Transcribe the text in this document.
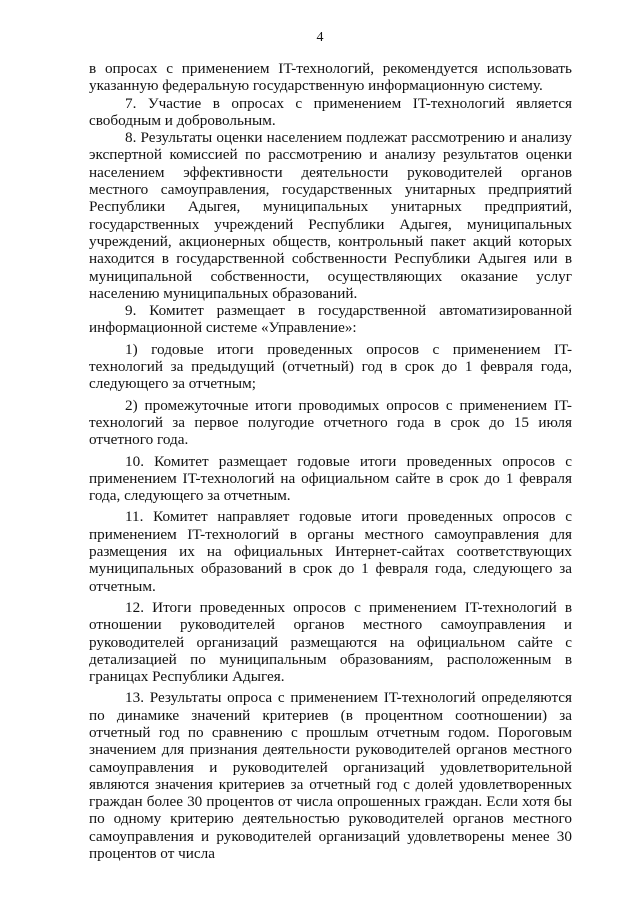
4

в опросах с применением IT-технологий, рекомендуется использовать указанную федеральную государственную информационную систему.

7. Участие в опросах с применением IT-технологий является свободным и добровольным.

8. Результаты оценки населением подлежат рассмотрению и анализу экспертной комиссией по рассмотрению и анализу результатов оценки населением эффективности деятельности руководителей органов местного самоуправления, государственных унитарных предприятий Республики Адыгея, муниципальных унитарных предприятий, государственных учреждений Республики Адыгея, муниципальных учреждений, акционерных обществ, контрольный пакет акций которых находится в государственной собственности Республики Адыгея или в муниципальной собственности, осуществляющих оказание услуг населению муниципальных образований.

9. Комитет размещает в государственной автоматизированной информационной системе «Управление»:

1) годовые итоги проведенных опросов с применением IT-технологий за предыдущий (отчетный) год в срок до 1 февраля года, следующего за отчетным;

2) промежуточные итоги проводимых опросов с применением IT-технологий за первое полугодие отчетного года в срок до 15 июля отчетного года.

10. Комитет размещает годовые итоги проведенных опросов с применением IT-технологий на официальном сайте в срок до 1 февраля года, следующего за отчетным.

11. Комитет направляет годовые итоги проведенных опросов с применением IT-технологий в органы местного самоуправления для размещения их на официальных Интернет-сайтах соответствующих муниципальных образований в срок до 1 февраля года, следующего за отчетным.

12. Итоги проведенных опросов с применением IT-технологий в отношении руководителей органов местного самоуправления и руководителей организаций размещаются на официальном сайте с детализацией по муниципальным образованиям, расположенным в границах Республики Адыгея.

13. Результаты опроса с применением IT-технологий определяются по динамике значений критериев (в процентном соотношении) за отчетный год по сравнению с прошлым отчетным годом. Пороговым значением для признания деятельности руководителей органов местного самоуправления и руководителей организаций удовлетворительной являются значения критериев за отчетный год с долей удовлетворенных граждан более 30 процентов от числа опрошенных граждан. Если хотя бы по одному критерию деятельностью руководителей органов местного самоуправления и руководителей организаций удовлетворены менее 30 процентов от числа
